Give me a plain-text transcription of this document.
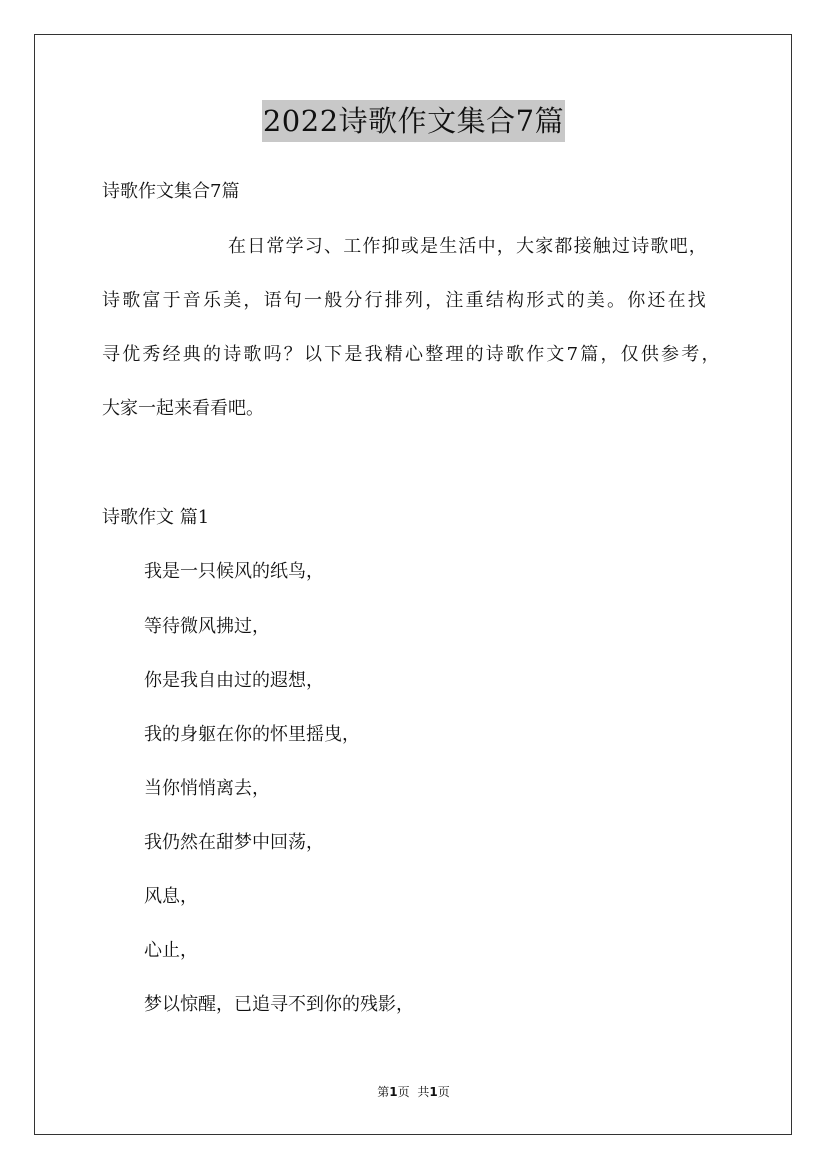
2022诗歌作文集合7篇
诗歌作文集合7篇
在日常学习、工作抑或是生活中，大家都接触过诗歌吧，
诗歌富于音乐美，语句一般分行排列，注重结构形式的美。你还在找
寻优秀经典的诗歌吗？以下是我精心整理的诗歌作文7篇，仅供参考，
大家一起来看看吧。
诗歌作文 篇1
我是一只候风的纸鸟，
等待微风拂过，
你是我自由过的遐想，
我的身躯在你的怀里摇曳，
当你悄悄离去，
我仍然在甜梦中回荡，
风息，
心止，
梦以惊醒，已追寻不到你的残影，
第1页 共1页
